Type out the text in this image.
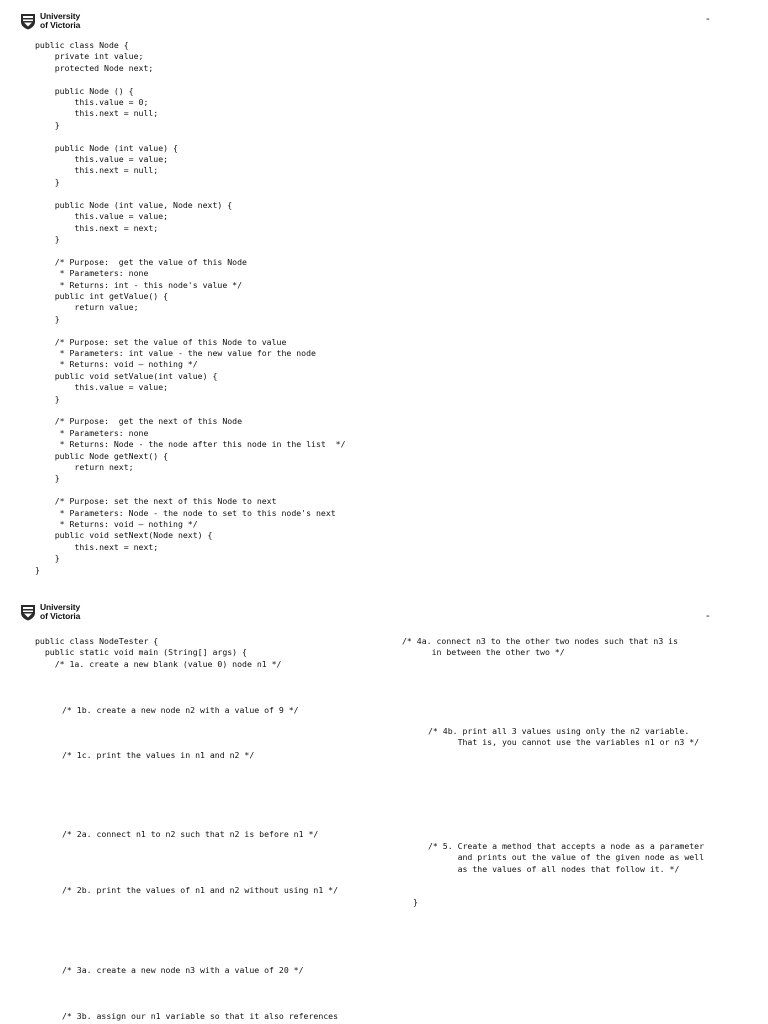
University
of Victoria	-
public class Node {
private int value;
protected Node next;

public Node () {
this.value = 0;
this.next = null;
}

public Node (int value) {
this.value = value;
this.next = null;
}

public Node (int value, Node next) {
this.value = value;
this.next = next;
}

/* Purpose:  get the value of this Node
* Parameters: none
* Returns: int - this node's value */
public int getValue() {
return value;
}

/* Purpose: set the value of this Node to value
* Parameters: int value - the new value for the node
* Returns: void – nothing */
public void setValue(int value) {
this.value = value;
}

/* Purpose:  get the next of this Node
* Parameters: none
* Returns: Node - the node after this node in the list  */
public Node getNext() {
return next;
}

/* Purpose: set the next of this Node to next
* Parameters: Node - the node to set to this node's next
* Returns: void – nothing */
public void setNext(Node next) {
this.next = next;
}
}

University
of Victoria	-
public class NodeTester {
public static void main (String[] args) {
/* 1a. create a new blank (value 0) node n1 */
/* 1b. create a new node n2 with a value of 9 */
/* 1c. print the values in n1 and n2 */
/* 2a. connect n1 to n2 such that n2 is before n1 */
/* 2b. print the values of n1 and n2 without using n1 */
/* 3a. create a new node n3 with a value of 20 */
/* 3b. assign our n1 variable so that it also references
/* 4a. connect n3 to the other two nodes such that n3 is
in between the other two */
/* 4b. print all 3 values using only the n2 variable.
That is, you cannot use the variables n1 or n3 */
/* 5. Create a method that accepts a node as a parameter
and prints out the value of the given node as well
as the values of all nodes that follow it. */
}
